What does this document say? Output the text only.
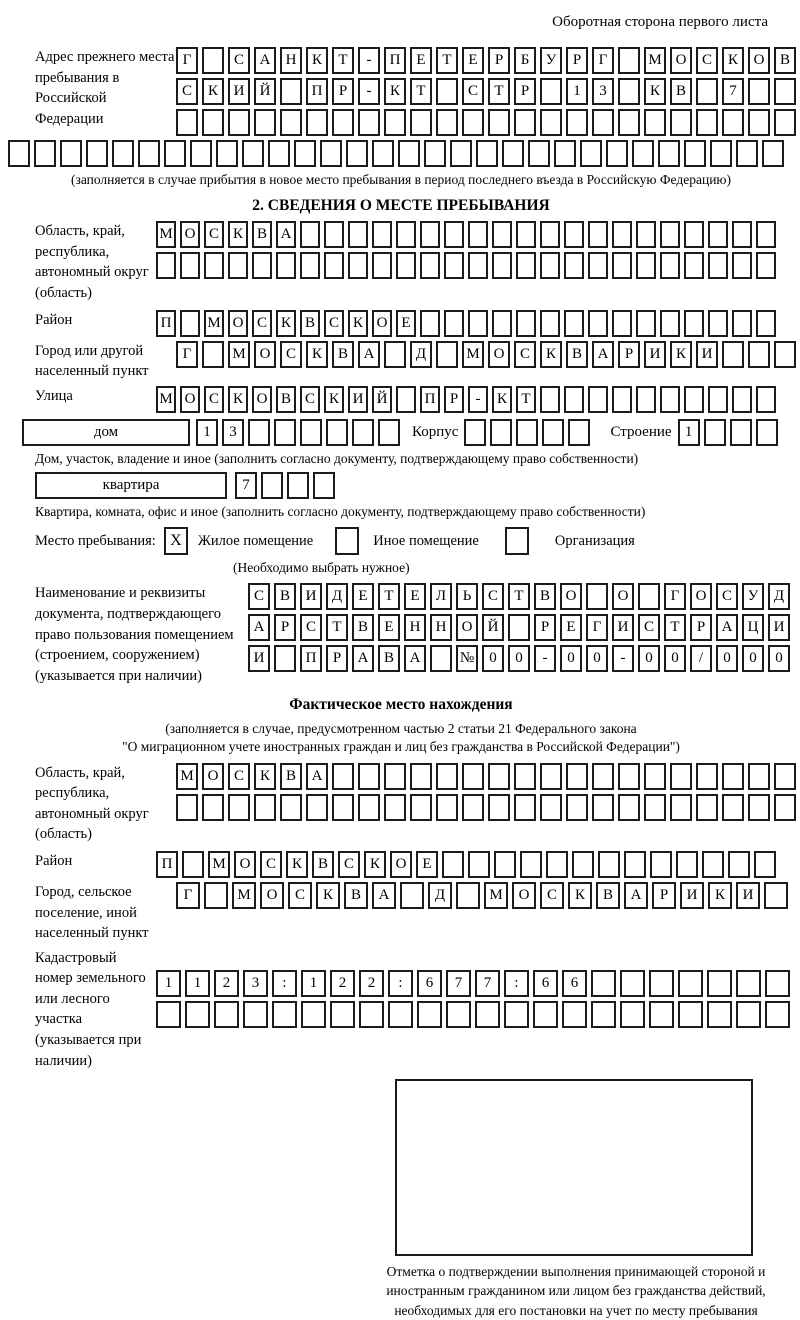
Оборотная сторона первого листа
Адрес прежнего места пребывания в Российской Федерации
Г	С	А	Н	К	Т	-	П	Е	Т	Е	Р	Б	У	Р	Г	М О	С	К	О	В
С	К	И	Й	П	Р	-	К	Т	С	Т	Р	1	3	К	В	7
(заполняется в случае прибытия в новое место пребывания в период последнего въезда в Российскую Федерацию)
2. СВЕДЕНИЯ О МЕСТЕ ПРЕБЫВАНИЯ
Область, край, республика, автономный округ (область)
М О С К В А
Район	П	М О С К В С К О Е
Город или другой населенный пункт
Г	М О	С	К	В	А	Д	М О	С	К	В	А	Р	И	К	И
Улица	М О С К О В С К И Й	П Р	-	К Т
дом	1	3	Корпус	Строение 1
Дом, участок, владение и иное (заполнить согласно документу, подтверждающему право собственности)
квартира	7
Квартира, комната, офис и иное (заполнить согласно документу, подтверждающему право собственности)
Место пребывания: X	Жилое помещение	Иное помещение	Организация
(Необходимо выбрать нужное)
Наименование и реквизиты документа, подтверждающего право пользования помещением (строением, сооружением) (указывается при наличии)
С	В	И	Д	Е	Т	Е	Л	Ь	С	Т	В	О	О	Г	О	С	У	Д
А	Р	С	Т	В	Е	Н	Н	О	Й	Р	Е	Г	И	С	Т	Р	А	Ц	И
И	П	Р	А	В	А	№	0	0	-	0	0	-	0	0	/	0	0	0
Фактическое место нахождения
(заполняется в случае, предусмотренном частью 2 статьи 21 Федерального закона
"О миграционном учете иностранных граждан и лиц без гражданства в Российской Федерации")
Область, край, республика, автономный округ (область)
М О	С	К	В	А
Район	П	М О	С	К	В	С	К	О	Е
Город, сельское поселение, иной населенный пункт
Г	М	О	С	К	В	А	Д	М	О	С	К	В	А	Р	И	К	И
Кадастровый номер земельного или лесного участка (указывается при наличии)
1	1	2	3	:	1	2	2	:	6	7	7	:	6	6
Отметка о подтверждении выполнения принимающей стороной и иностранным гражданином или лицом без гражданства действий, необходимых для его постановки на учет по месту пребывания
